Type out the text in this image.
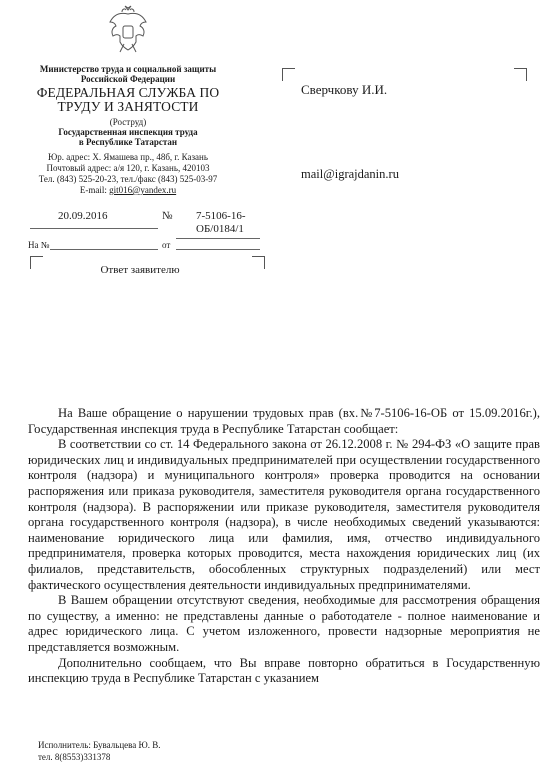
Министерство труда и социальной защиты Российской Федерации
ФЕДЕРАЛЬНАЯ СЛУЖБА ПО
ТРУДУ И ЗАНЯТОСТИ
(Роструд)
Государственная инспекция труда
в Республике Татарстан
Юр. адрес: Х. Ямашева пр., 48б, г. Казань
Почтовый адрес: а/я 120, г. Казань, 420103
Тел. (843) 525-20-23, тел./факс (843) 525-03-97
E-mail: git016@yandex.ru
20.09.2016	№ 7-5106-16-ОБ/0184/1
На №	от
Ответ заявителю
Сверчкову И.И.
mail@igrajdanin.ru

На Ваше обращение о нарушении трудовых прав (вх.№7-5106-16-ОБ от 15.09.2016г.), Государственная инспекция труда в Республике Татарстан сообщает:

В соответствии со ст. 14 Федерального закона от 26.12.2008 г. № 294-ФЗ «О защите прав юридических лиц и индивидуальных предпринимателей при осуществлении государственного контроля (надзора) и муниципального контроля» проверка проводится на основании распоряжения или приказа руководителя, заместителя руководителя органа государственного контроля (надзора). В распоряжении или приказе руководителя, заместителя руководителя органа государственного контроля (надзора), в числе необходимых сведений указываются: наименование юридического лица или фамилия, имя, отчество индивидуального предпринимателя, проверка которых проводится, места нахождения юридических лиц (их филиалов, представительств, обособленных структурных подразделений) или мест фактического осуществления деятельности индивидуальных предпринимателями.

В Вашем обращении отсутствуют сведения, необходимые для рассмотрения обращения по существу, а именно: не представлены данные о работодателе - полное наименование и адрес юридического лица. С учетом изложенного, провести надзорные мероприятия не представляется возможным.

Дополнительно сообщаем, что Вы вправе повторно обратиться в Государственную инспекцию труда в Республике Татарстан с указанием

Исполнитель: Бувальцева Ю. В.
тел. 8(8553)331378
